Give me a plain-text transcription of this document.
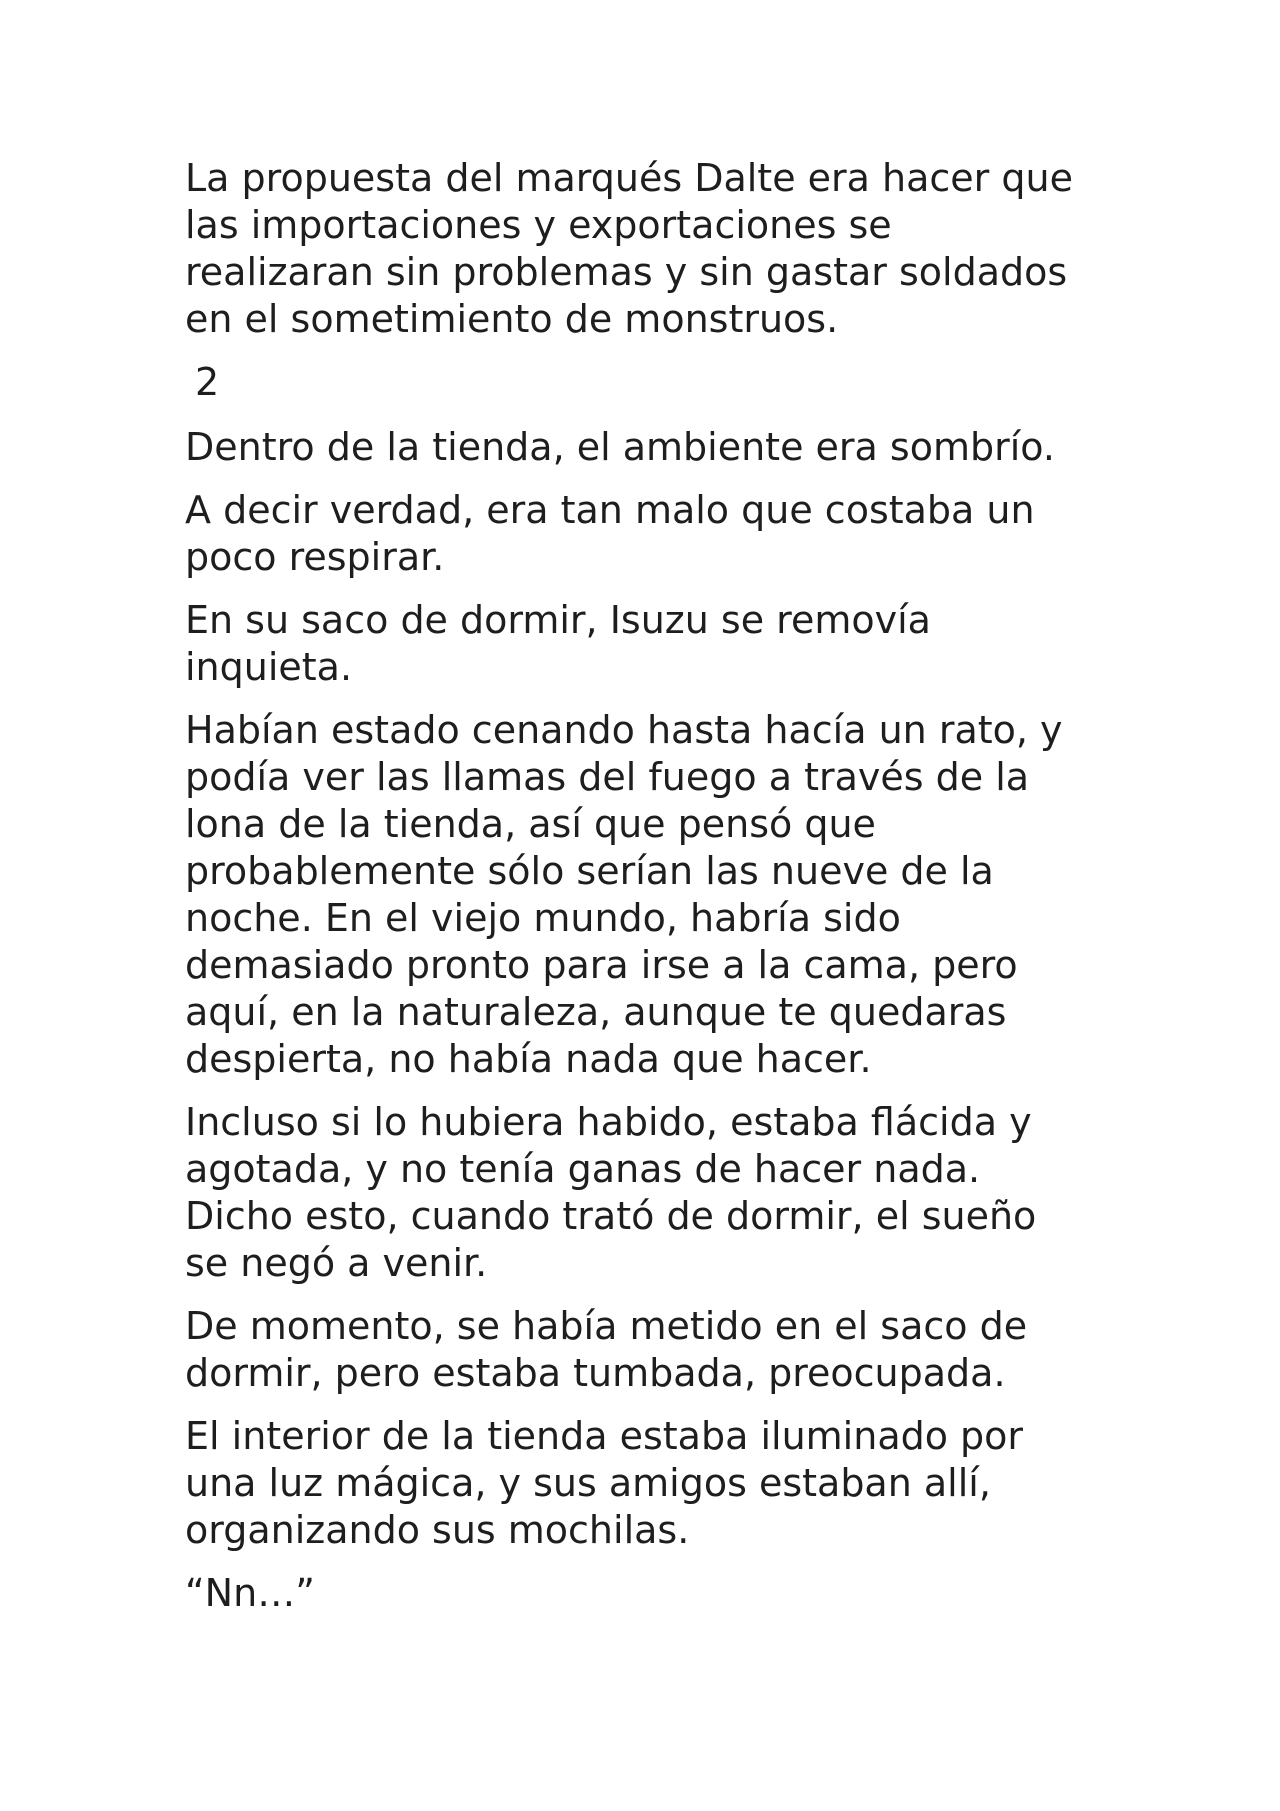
La propuesta del marqués Dalte era hacer que
las importaciones y exportaciones se
realizaran sin problemas y sin gastar soldados
en el sometimiento de monstruos.

2

Dentro de la tienda, el ambiente era sombrío.

A decir verdad, era tan malo que costaba un
poco respirar.

En su saco de dormir, Isuzu se removía
inquieta.

Habían estado cenando hasta hacía un rato, y
podía ver las llamas del fuego a través de la
lona de la tienda, así que pensó que
probablemente sólo serían las nueve de la
noche. En el viejo mundo, habría sido
demasiado pronto para irse a la cama, pero
aquí, en la naturaleza, aunque te quedaras
despierta, no había nada que hacer.

Incluso si lo hubiera habido, estaba flácida y
agotada, y no tenía ganas de hacer nada.
Dicho esto, cuando trató de dormir, el sueño
se negó a venir.

De momento, se había metido en el saco de
dormir, pero estaba tumbada, preocupada.

El interior de la tienda estaba iluminado por
una luz mágica, y sus amigos estaban allí,
organizando sus mochilas.

“Nn…”
